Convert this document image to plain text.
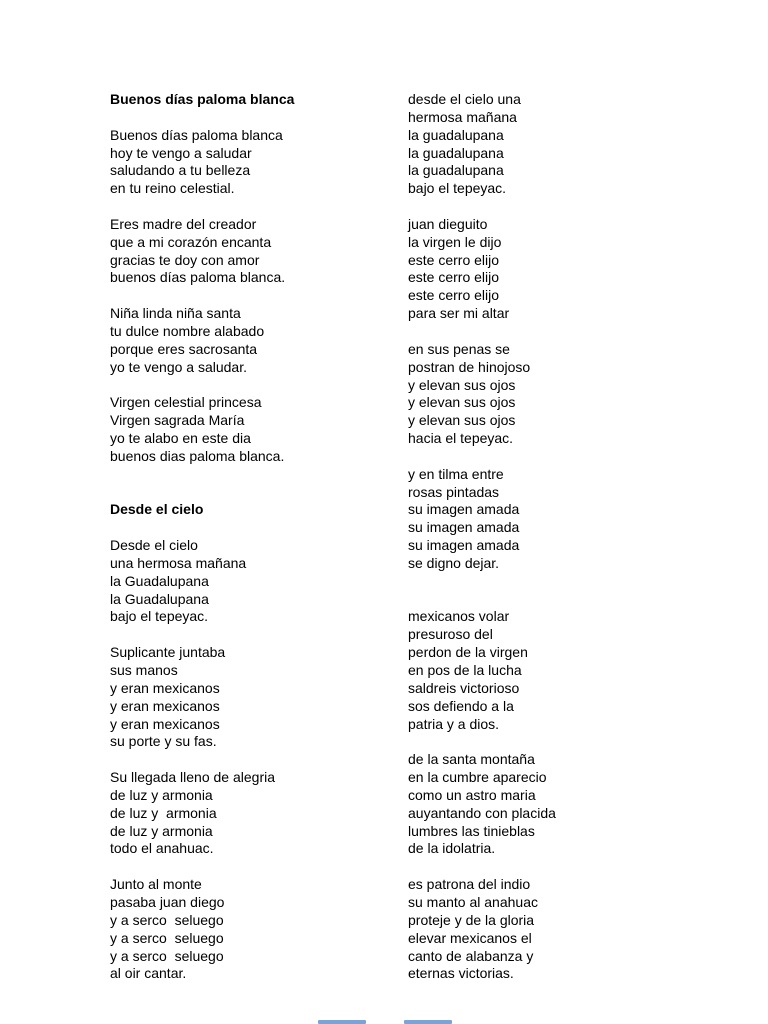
Buenos días paloma blanca
Buenos días paloma blanca
hoy te vengo a saludar
saludando a tu belleza
en tu reino celestial.
Eres madre del creador
que a mi corazón encanta
gracias te doy con amor
buenos días paloma blanca.
Niña linda niña santa
tu dulce nombre alabado
porque eres sacrosanta
yo te vengo a saludar.
Virgen celestial princesa
Virgen sagrada María
yo te alabo en este dia
buenos dias paloma blanca.
Desde el cielo
Desde el cielo
una hermosa mañana
la Guadalupana
la Guadalupana
bajo el tepeyac.
Suplicante juntaba
sus manos
y eran mexicanos
y eran mexicanos
y eran mexicanos
su porte y su fas.
Su llegada lleno de alegria
de luz y armonia
de luz y  armonia
de luz y armonia
todo el anahuac.
Junto al monte
pasaba juan diego
y a serco  seluego
y a serco  seluego
y a serco  seluego
al oir cantar.
desde el cielo una
hermosa mañana
la guadalupana
la guadalupana
la guadalupana
bajo el tepeyac.
juan dieguito
la virgen le dijo
este cerro elijo
este cerro elijo
este cerro elijo
para ser mi altar
en sus penas se
postran de hinojoso
y elevan sus ojos
y elevan sus ojos
y elevan sus ojos
hacia el tepeyac.
y en tilma entre
rosas pintadas
su imagen amada
su imagen amada
su imagen amada
se digno dejar.
mexicanos volar
presuroso del
perdon de la virgen
en pos de la lucha
saldreis victorioso
sos defiendo a la
patria y a dios.
de la santa montaña
en la cumbre aparecio
como un astro maria
auyantando con placida
lumbres las tinieblas
de la idolatria.
es patrona del indio
su manto al anahuac
proteje y de la gloria
elevar mexicanos el
canto de alabanza y
eternas victorias.
